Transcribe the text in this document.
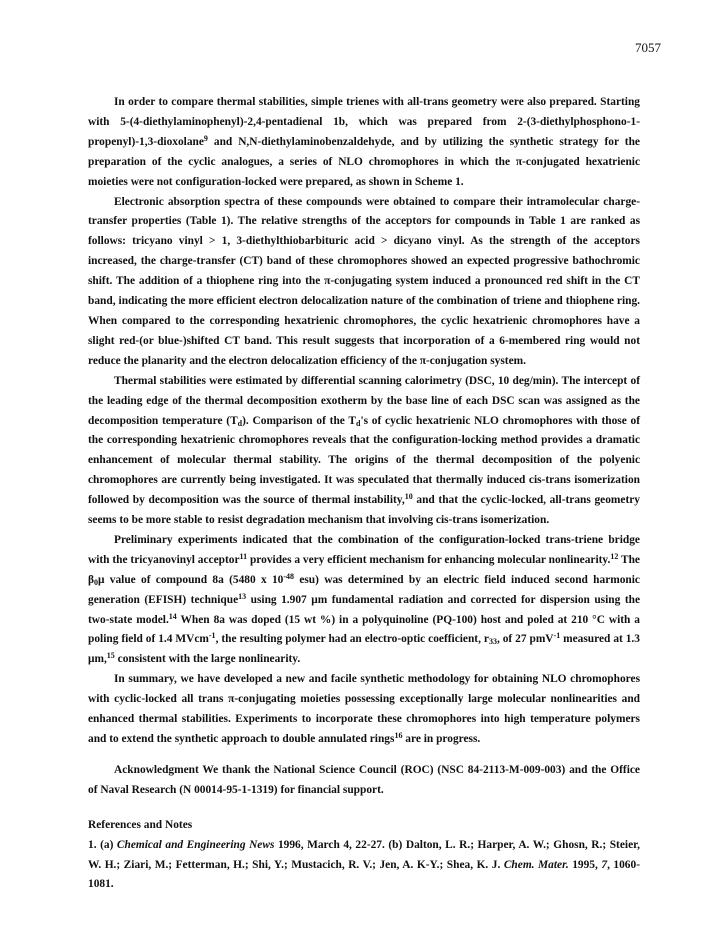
7057

In order to compare thermal stabilities, simple trienes with all-trans geometry were also prepared. Starting with 5-(4-diethylaminophenyl)-2,4-pentadienal 1b, which was prepared from 2-(3-diethylphosphono-1-propenyl)-1,3-dioxolane$^9$ and N,N-diethylaminobenzaldehyde, and by utilizing the synthetic strategy for the preparation of the cyclic analogues, a series of NLO chromophores in which the π-conjugated hexatrienic moieties were not configuration-locked were prepared, as shown in Scheme 1.

Electronic absorption spectra of these compounds were obtained to compare their intramolecular charge-transfer properties (Table 1). The relative strengths of the acceptors for compounds in Table 1 are ranked as follows: tricyano vinyl > 1, 3-diethylthiobarbituric acid > dicyano vinyl. As the strength of the acceptors increased, the charge-transfer (CT) band of these chromophores showed an expected progressive bathochromic shift. The addition of a thiophene ring into the π-conjugating system induced a pronounced red shift in the CT band, indicating the more efficient electron delocalization nature of the combination of triene and thiophene ring. When compared to the corresponding hexatrienic chromophores, the cyclic hexatrienic chromophores have a slight red-(or blue-)shifted CT band. This result suggests that incorporation of a 6-membered ring would not reduce the planarity and the electron delocalization efficiency of the π-conjugation system.

Thermal stabilities were estimated by differential scanning calorimetry (DSC, 10 deg/min). The intercept of the leading edge of the thermal decomposition exotherm by the base line of each DSC scan was assigned as the decomposition temperature $(T_d)$. Comparison of the $T_d's$ of cyclic hexatrienic NLO chromophores with those of the corresponding hexatrienic chromophores reveals that the configuration-locking method provides a dramatic enhancement of molecular thermal stability. The origins of the thermal decomposition of the polyenic chromophores are currently being investigated. It was speculated that thermally induced cis-trans isomerization followed by decomposition was the source of thermal instability,$^{10}$ and that the cyclic-locked, all-trans geometry seems to be more stable to resist degradation mechanism that involving cis-trans isomerization.

Preliminary experiments indicated that the combination of the configuration-locked trans-triene bridge with the tricyanovinyl acceptor$^{11}$ provides a very efficient mechanism for enhancing molecular nonlinearity.$^{12}$ The $\beta_0\mu$ value of compound 8a (5480 x $10^{-48}$ esu) was determined by an electric field induced second harmonic generation (EFISH) technique$^{13}$ using 1.907 μm fundamental radiation and corrected for dispersion using the two-state model.$^{14}$ When 8a was doped (15 wt %) in a polyquinoline (PQ-100) host and poled at 210 °C with a poling field of 1.4 MVcm$^{-1}$, the resulting polymer had an electro-optic coefficient, $r_{33}$, of 27 pmV$^{-1}$ measured at 1.3 μm,$^{15}$ consistent with the large nonlinearity.

In summary, we have developed a new and facile synthetic methodology for obtaining NLO chromophores with cyclic-locked all trans π-conjugating moieties possessing exceptionally large molecular nonlinearities and enhanced thermal stabilities. Experiments to incorporate these chromophores into high temperature polymers and to extend the synthetic approach to double annulated rings$^{16}$ are in progress.

Acknowledgment We thank the National Science Council (ROC) (NSC 84-2113-M-009-003) and the Office of Naval Research (N 00014-95-1-1319) for financial support.

References and Notes

1. (a) Chemical and Engineering News 1996, March 4, 22-27. (b) Dalton, L. R.; Harper, A. W.; Ghosn, R.; Steier, W. H.; Ziari, M.; Fetterman, H.; Shi, Y.; Mustacich, R. V.; Jen, A. K-Y.; Shea, K. J. Chem. Mater. 1995, 7, 1060-1081.
